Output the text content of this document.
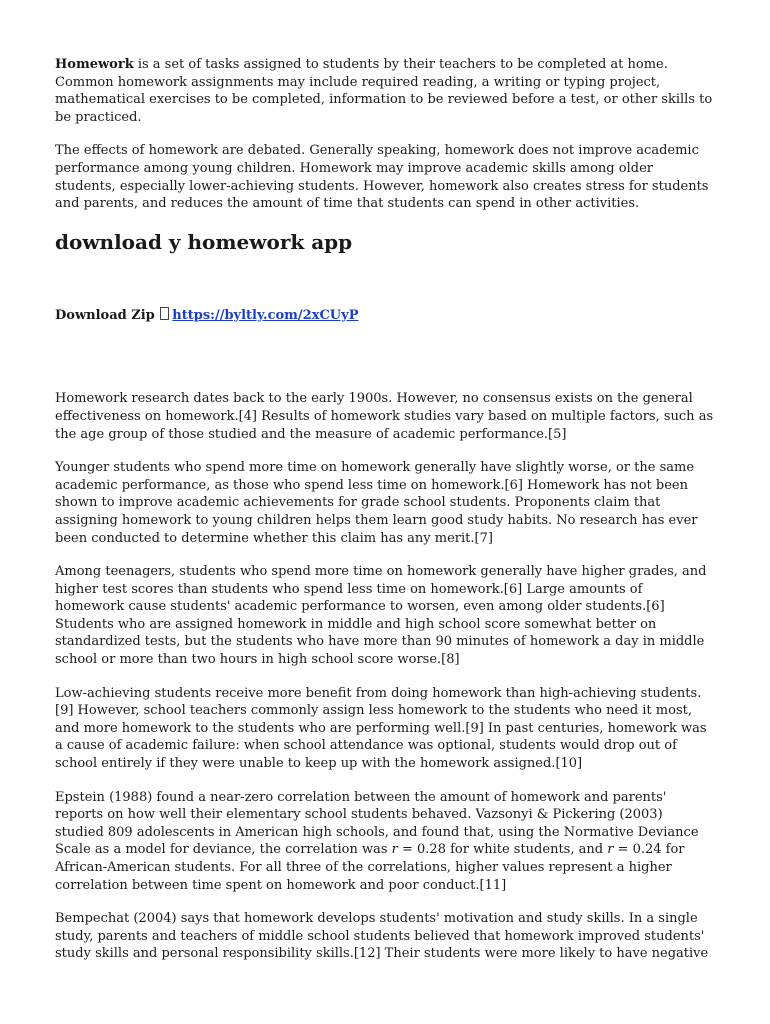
Homework is a set of tasks assigned to students by their teachers to be completed at home. Common homework assignments may include required reading, a writing or typing project, mathematical exercises to be completed, information to be reviewed before a test, or other skills to be practiced.

The effects of homework are debated. Generally speaking, homework does not improve academic performance among young children. Homework may improve academic skills among older students, especially lower-achieving students. However, homework also creates stress for students and parents, and reduces the amount of time that students can spend in other activities.

download y homework app

Download Zip https://byltly.com/2xCUyP

Homework research dates back to the early 1900s. However, no consensus exists on the general effectiveness on homework.[4] Results of homework studies vary based on multiple factors, such as the age group of those studied and the measure of academic performance.[5]

Younger students who spend more time on homework generally have slightly worse, or the same academic performance, as those who spend less time on homework.[6] Homework has not been shown to improve academic achievements for grade school students. Proponents claim that assigning homework to young children helps them learn good study habits. No research has ever been conducted to determine whether this claim has any merit.[7]

Among teenagers, students who spend more time on homework generally have higher grades, and higher test scores than students who spend less time on homework.[6] Large amounts of homework cause students' academic performance to worsen, even among older students.[6] Students who are assigned homework in middle and high school score somewhat better on standardized tests, but the students who have more than 90 minutes of homework a day in middle school or more than two hours in high school score worse.[8]

Low-achieving students receive more benefit from doing homework than high-achieving students.[9] However, school teachers commonly assign less homework to the students who need it most, and more homework to the students who are performing well.[9] In past centuries, homework was a cause of academic failure: when school attendance was optional, students would drop out of school entirely if they were unable to keep up with the homework assigned.[10]

Epstein (1988) found a near-zero correlation between the amount of homework and parents' reports on how well their elementary school students behaved. Vazsonyi & Pickering (2003) studied 809 adolescents in American high schools, and found that, using the Normative Deviance Scale as a model for deviance, the correlation was r = 0.28 for white students, and r = 0.24 for African-American students. For all three of the correlations, higher values represent a higher correlation between time spent on homework and poor conduct.[11]

Bempechat (2004) says that homework develops students' motivation and study skills. In a single study, parents and teachers of middle school students believed that homework improved students' study skills and personal responsibility skills.[12] Their students were more likely to have negative
